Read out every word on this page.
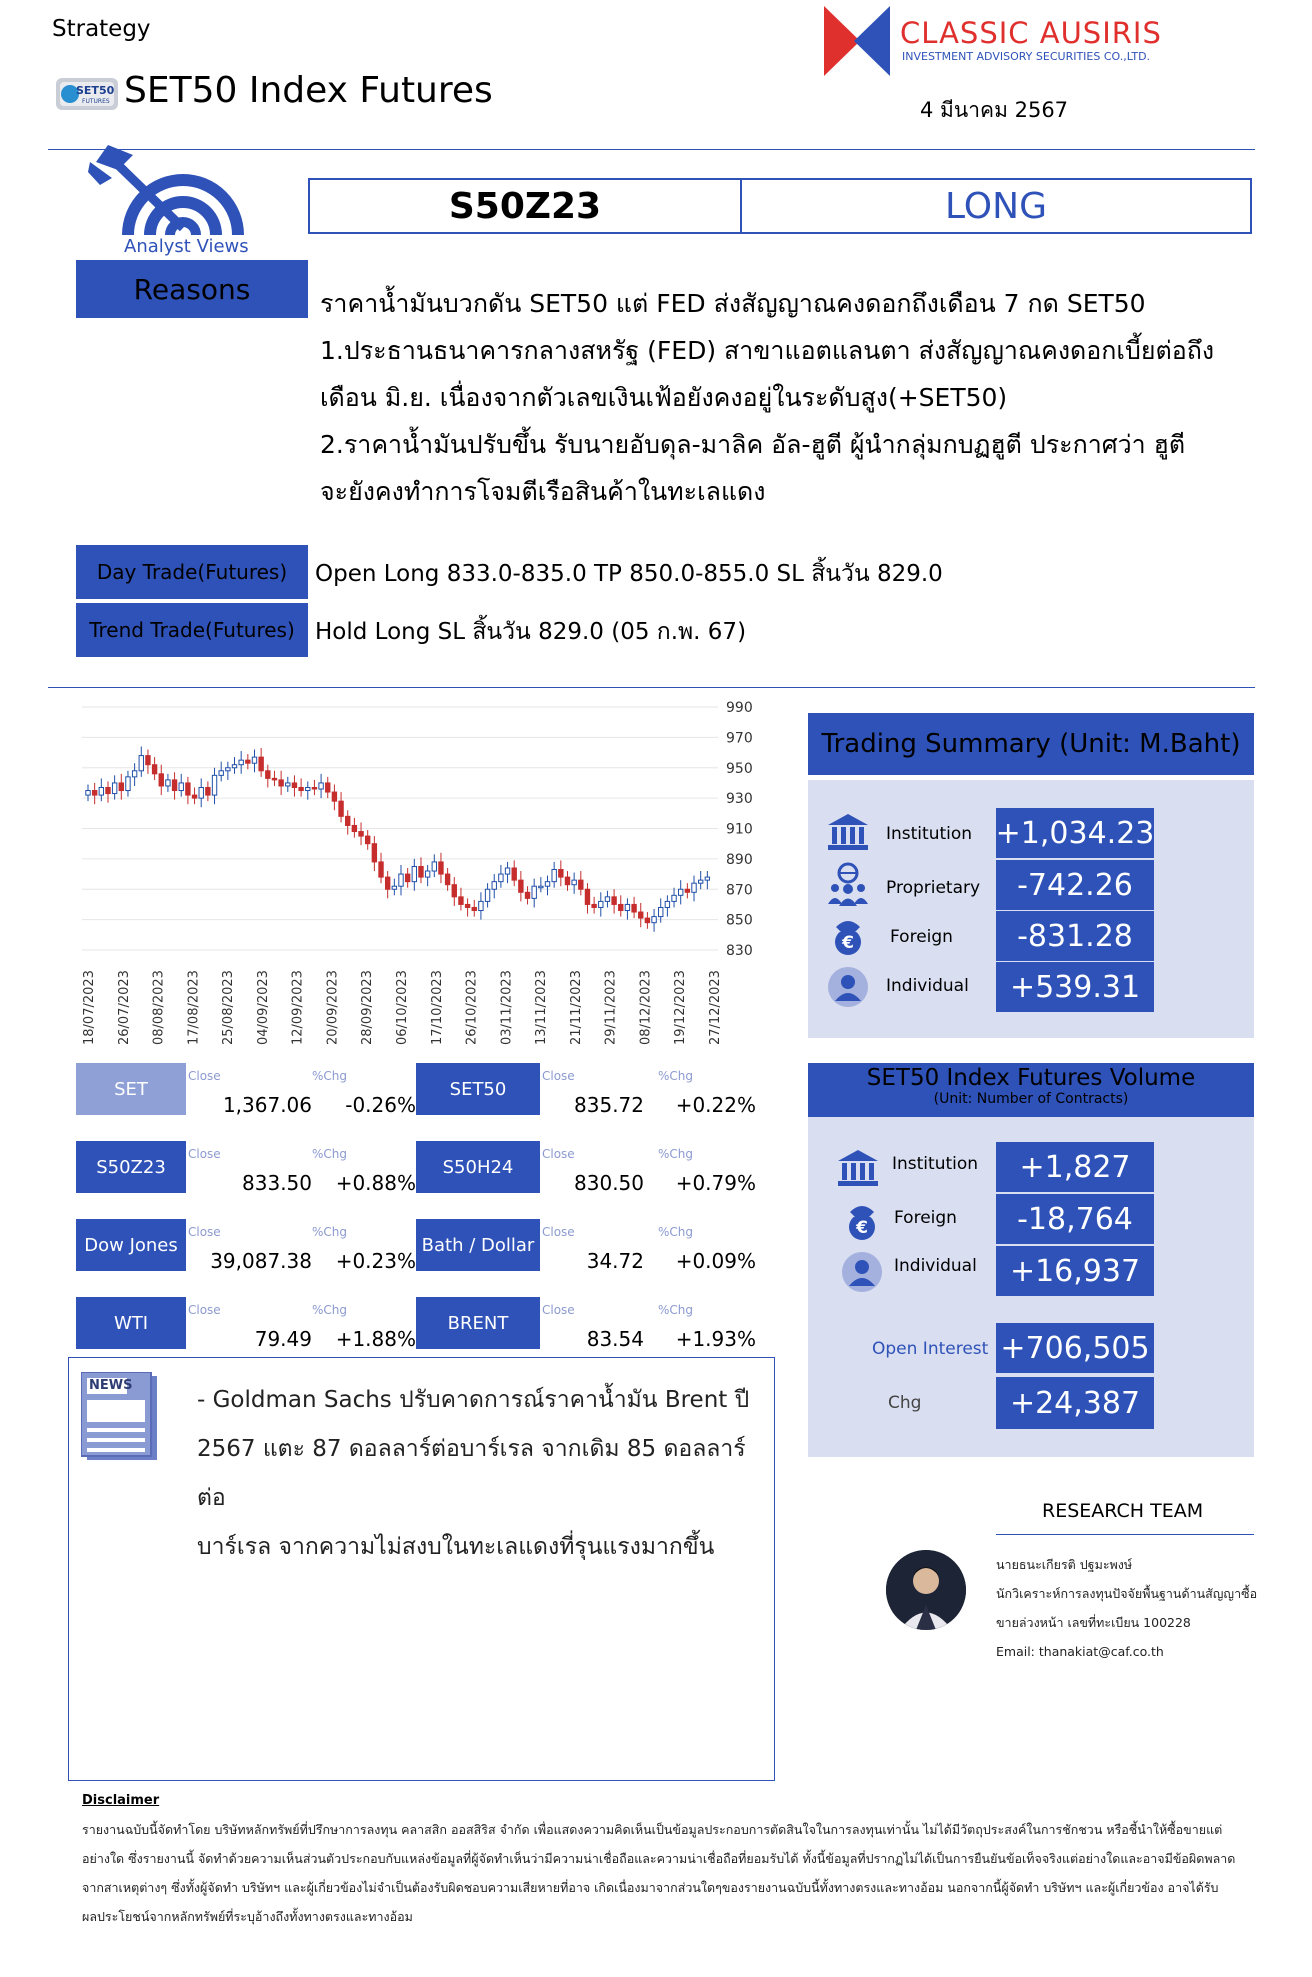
Strategy
SET50
FUTURES SET50 Index Futures
CLASSIC AUSIRIS
INVESTMENT ADVISORY SECURITIES CO.,LTD.
4 มีนาคม 2567
Analyst Views
S50Z23	LONG
Reasons	ราคาน้ำมันบวกดัน SET50 แต่ FED ส่งสัญญาณคงดอกถึงเดือน 7 กด SET50
1.ประธานธนาคารกลางสหรัฐ (FED) สาขาแอตแลนตา ส่งสัญญาณคงดอกเบี้ยต่อถึง
เดือน มิ.ย. เนื่องจากตัวเลขเงินเฟ้อยังคงอยู่ในระดับสูง(+SET50)
2.ราคาน้ำมันปรับขึ้น รับนายอับดุล-มาลิค อัล-ฮูตี ผู้นำกลุ่มกบฏฮูตี ประกาศว่า ฮูตี
จะยังคงทำการโจมตีเรือสินค้าในทะเลแดง
Day Trade(Futures)	Open Long 833.0-835.0 TP 850.0-855.0 SL สิ้นวัน 829.0
Trend Trade(Futures) Hold Long SL สิ้นวัน 829.0 (05 ก.พ. 67)
990
970
950
930
910
890
870
850
830
18/07/2023 26/07/2023 08/08/2023 17/08/2023 25/08/2023 04/09/2023 12/09/2023 20/09/2023 28/09/2023 06/10/2023 17/10/2023 26/10/2023 03/11/2023 13/11/2023 21/11/2023 29/11/2023 08/12/2023 19/12/2023 27/12/2023
SET
Close	%Chg
1,367.06 -0.26%
SET50
Close	%Chg
835.72 +0.22%
S50Z23
Close	%Chg
833.50 +0.88%
S50H24
Close	%Chg
830.50 +0.79%
Dow Jones
Close	%Chg
39,087.38 +0.23%
Bath / Dollar
Close	%Chg
34.72 +0.09%
WTI
Close	%Chg
79.49 +1.88%
BRENT
Close	%Chg
83.54 +1.93%
NEWS
- Goldman Sachs ปรับคาดการณ์ราคาน้ำมัน Brent ปี
2567 แตะ 87 ดอลลาร์ต่อบาร์เรล จากเดิม 85 ดอลลาร์ต่อ
บาร์เรล จากความไม่สงบในทะเลแดงที่รุนแรงมากขึ้น
Trading Summary (Unit: M.Baht)
Institution +1,034.23
Proprietary	-742.26
€ Foreign	-831.28
Individual	+539.31
SET50 Index Futures Volume
(Unit: Number of Contracts)
Institution	+1,827
€ Foreign	-18,764
Individual	+16,937
Open Interest +706,505
Chg	+24,387
RESEARCH TEAM
นายธนะเกียรติ ปฐมะพงษ์
นักวิเคราะห์การลงทุนปัจจัยพื้นฐานด้านสัญญาซื้อ
ขายล่วงหน้า เลขที่ทะเบียน 100228
Email: thanakiat@caf.co.th
Disclaimer
รายงานฉบับนี้จัดทำโดย บริษัทหลักทรัพย์ที่ปรึกษาการลงทุน คลาสสิก ออสสิริส จำกัด เพื่อแสดงความคิดเห็นเป็นข้อมูลประกอบการตัดสินใจในการลงทุนเท่านั้น ไม่ได้มีวัตถุประสงค์ในการชักชวน หรือชี้นำให้ซื้อขายแต่
อย่างใด ซึ่งรายงานนี้ จัดทำด้วยความเห็นส่วนตัวประกอบกับแหล่งข้อมูลที่ผู้จัดทำเห็นว่ามีความน่าเชื่อถือและความน่าเชื่อถือที่ยอมรับได้ ทั้งนี้ข้อมูลที่ปรากฏไม่ได้เป็นการยืนยันข้อเท็จจริงแต่อย่างใดและอาจมีข้อผิดพลาด
จากสาเหตุต่างๆ ซึ่งทั้งผู้จัดทำ บริษัทฯ และผู้เกี่ยวข้องไม่จำเป็นต้องรับผิดชอบความเสียหายที่อาจ เกิดเนื่องมาจากส่วนใดๆของรายงานฉบับนี้ทั้งทางตรงและทางอ้อม นอกจากนี้ผู้จัดทำ บริษัทฯ และผู้เกี่ยวข้อง อาจได้รับ
ผลประโยชน์จากหลักทรัพย์ที่ระบุอ้างถึงทั้งทางตรงและทางอ้อม
